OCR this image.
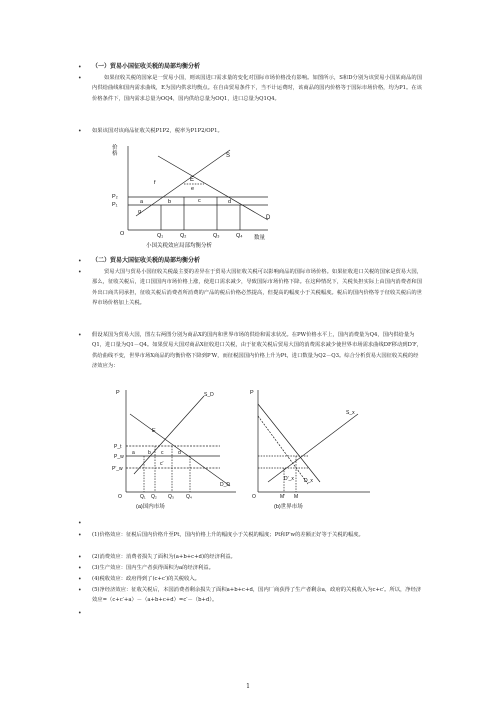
• （一）贸易小国征收关税的局部均衡分析
•	如果征收关税的国家是一贸易小国，则该国进口需求量的变化对国际市场价格没有影响。如图所示，S和D分别为该贸易小国某商品的国内供给曲线和国内需求曲线，E为国内供求均衡点。在自由贸易条件下，当不计运费时，该商品的国内价格等于国际市场价格，均为P1。在该价格条件下，国内需求总量为OQ4，国内供给总量为OQ1，进口总量为Q1Q4。
• 如果该国对该商品征收关税P1P2，税率为P1P2/OP1。
价
格	S
D
E
f
e
P₂
P₁	a	b	c	d
g
O	Q₁	Q₂	Q₃	Q₄ 数量
小国关税效应局部均衡分析
• （二）贸易大国征收关税的局部均衡分析
•	贸易大国与贸易小国征收关税最主要的差异在于贸易大国征收关税可以影响商品的国际市场价格。如果征收进口关税的国家是贸易大国，那么，征收关税后，进口国国内市场价格上涨，使进口需求减少，导致国际市场价格下降。在这种情况下，关税负担实际上由国内消费者和国外出口商共同承担，征收关税后消费者所消费的产品的税后价格必然提高，但提高的幅度小于关税幅度。税后的国内价格等于征收关税后的世界市场价格加上关税。
• 假设某国为贸易大国，图左右两图分别为商品X的国内和世界市场的供给和需求状况。在PW价格水平上，国内消费量为Q4，国内供给量为Q1，进口量为Q1－Q4。如果贸易大国对商品X征收进口关税，由于征收关税后贸易大国的消费需求减少使世界市场需求曲线DF移动到D′F，供给曲线不变，世界市场X商品的均衡价格下降到P′W，而征税国国内价格上升为Pt，进口数量为Q2－Q3。综合分析贸易大国征收关税的经济效应为：
P	S_D
E
P_t
P_w
P′_w
a	b c	d
c′
D_D
O	Q₁ Q₂ Q₃ Q₄
(a)国内市场
P
S_x
D_x
D′_x
O	M′ M
(b)世界市场
•
• (1)价格效应：征税后国内价格升至Pt，国内价格上升的幅度小于关税的幅度；Pt和P′w的差额正好等于关税的幅度。
• (2)消费效应：消费者损失了面积为(a+b+c+d)的经济利益。
• (3)生产效应：国内生产者获得面积为a的经济利益。
• (4)税收效应：政府得到了(c+c′)的关税收入。
• (5)净经济效应：征收关税后，本国消费者剩余损失了面积a+b+c+d，国内厂商获得了生产者剩余a，政府的关税收入为c+c′。所以，净经济效应=（c+c′+a）－（a+b+c+d）=c′－（b+d）。
•
1
